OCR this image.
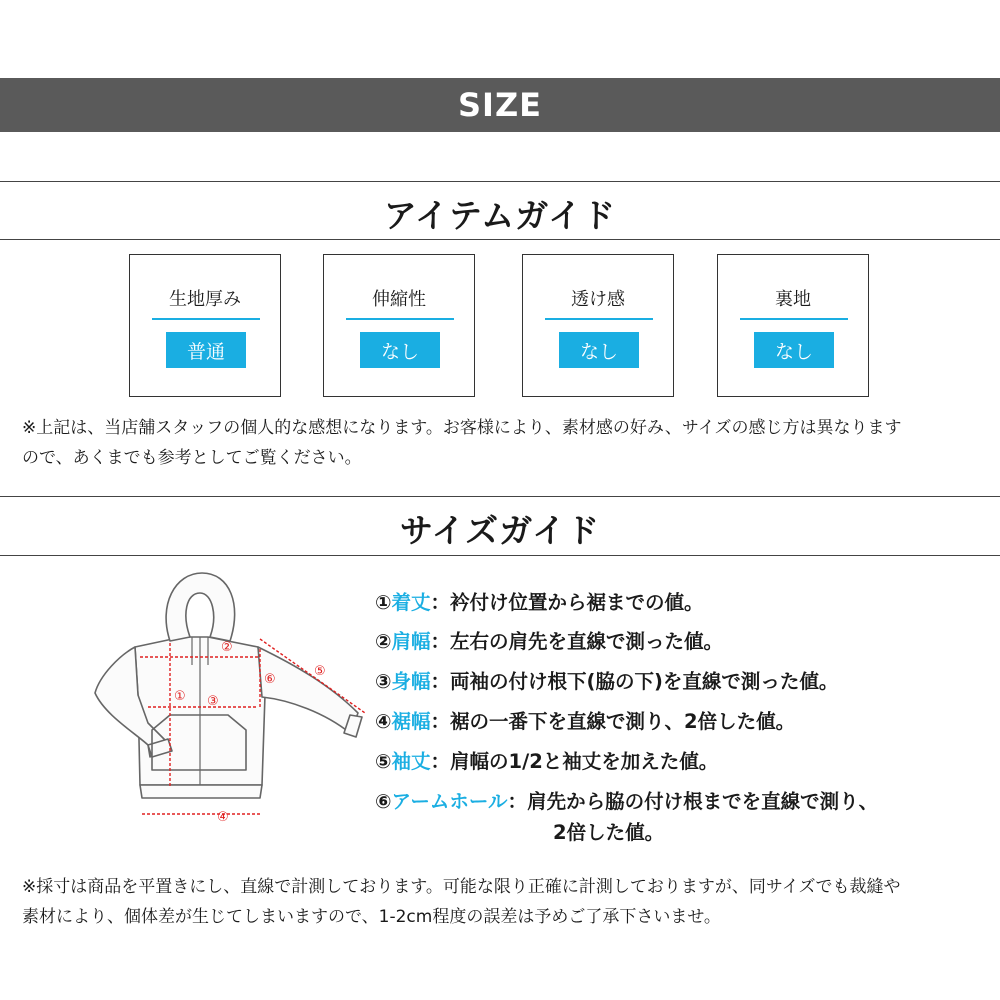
SIZE
アイテムガイド
生地厚み
普通
伸縮性
なし
透け感
なし
裏地
なし
※上記は、当店舗スタッフの個人的な感想になります。お客様により、素材感の好み、サイズの感じ方は異なります
ので、あくまでも参考としてご覧ください。
サイズガイド
①
②
③
④
⑤
⑥
①着丈：衿付け位置から裾までの値。
②肩幅：左右の肩先を直線で測った値。
③身幅：両袖の付け根下(脇の下)を直線で測った値。
④裾幅：裾の一番下を直線で測り、2倍した値。
⑤袖丈：肩幅の1/2と袖丈を加えた値。
⑥アームホール：肩先から脇の付け根までを直線で測り、
2倍した値。
※採寸は商品を平置きにし、直線で計測しております。可能な限り正確に計測しておりますが、同サイズでも裁縫や
素材により、個体差が生じてしまいますので、1-2cm程度の誤差は予めご了承下さいませ。
